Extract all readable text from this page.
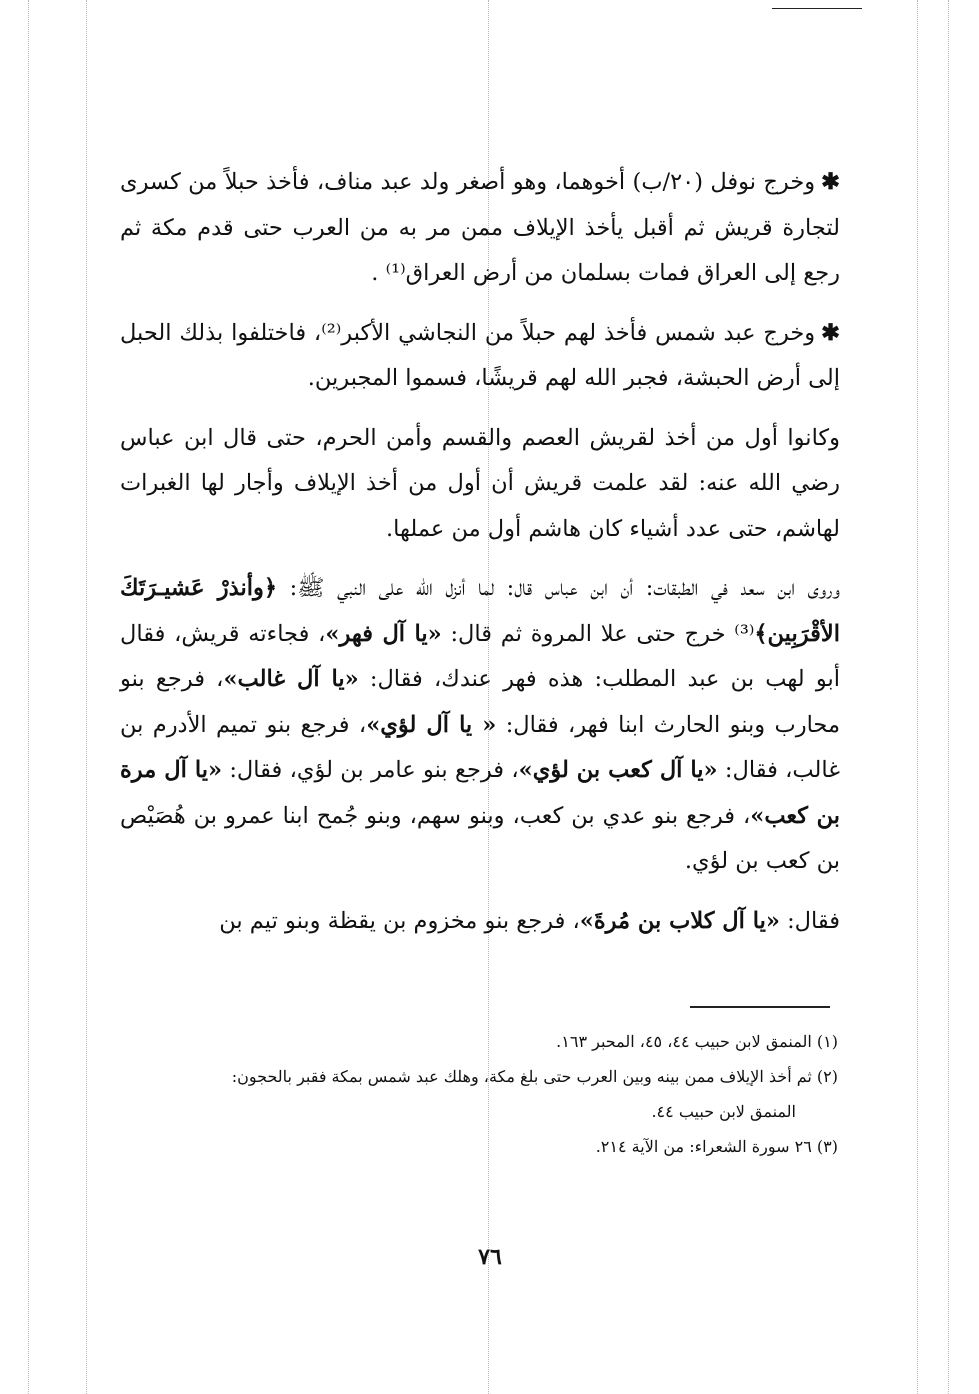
✱وخرج نوفل (٢٠/ب) أخوهما، وهو أصغر ولد عبد مناف، فأخذ حبلاً من كسرى لتجارة قريش ثم أقبل يأخذ الإيلاف ممن مر به من العرب حتى قدم مكة ثم رجع إلى العراق فمات بسلمان من أرض العراق⁽¹⁾ .

✱وخرج عبد شمس فأخذ لهم حبلاً من النجاشي الأكبر⁽²⁾، فاختلفوا بذلك الحبل إلى أرض الحبشة، فجبر الله لهم قريشًا، فسموا المجبرين.

وكانوا أول من أخذ لقريش العصم والقسم وأمن الحرم، حتى قال ابن عباس رضي الله عنه: لقد علمت قريش أن أول من أخذ الإيلاف وأجار لها الغبرات لهاشم، حتى عدد أشياء كان هاشم أول من عملها.

وروى ابن سعد في الطبقات: أن ابن عباس قال: لما أنزل الله على النبي ﷺ: ﴿وأنذرْ عَشيـرَتَكَ الأقْرَبِين﴾⁽³⁾ خرج حتى علا المروة ثم قال: «يا آل فهر»، فجاءته قريش، فقال أبو لهب بن عبد المطلب: هذه فهر عندك، فقال: «يا آل غالب»، فرجع بنو محارب وبنو الحارث ابنا فهر، فقال: « يا آل لؤي»، فرجع بنو تميم الأدرم بن غالب، فقال: «يا آل كعب بن لؤي»، فرجع بنو عامر بن لؤي، فقال: «يا آل مرة بن كعب»، فرجع بنو عدي بن كعب، وبنو سهم، وبنو جُمح ابنا عمرو بن هُصَيْص بن كعب بن لؤي.

فقال: «يا آل كلاب بن مُرةَ»، فرجع بنو مخزوم بن يقظة وبنو تيم بن

(١) المنمق لابن حبيب ٤٤، ٤٥، المحبر ١٦٣.

(٢) ثم أخذ الإيلاف ممن بينه وبين العرب حتى بلغ مكة، وهلك عبد شمس بمكة فقبر بالحجون:

المنمق لابن حبيب ٤٤.

(٣) ٢٦ سورة الشعراء: من الآية ٢١٤.

٧٦
